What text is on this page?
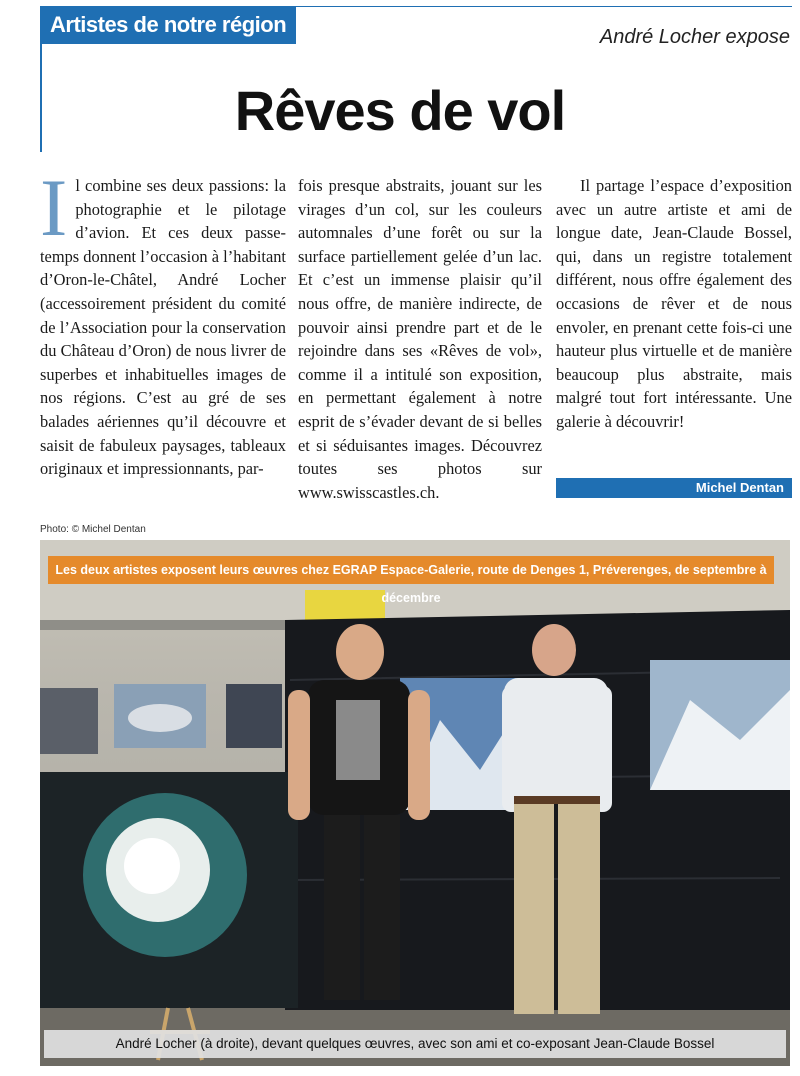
Artistes de notre région	André Locher expose
Rêves de vol
Il combine ses deux passions: la photographie et le pilotage d’avion. Et ces deux passe-temps donnent l’occasion à l’habitant d’Oron-le-Châtel, André Locher (accessoirement président du comité de l’Association pour la conservation du Château d’Oron) de nous livrer de superbes et inhabituelles images de nos régions. C’est au gré de ses balades aériennes qu’il découvre et saisit de fabuleux paysages, tableaux originaux et impressionnants, par-
fois presque abstraits, jouant sur les virages d’un col, sur les couleurs automnales d’une forêt ou sur la surface partiellement gelée d’un lac. Et c’est un immense plaisir qu’il nous offre, de manière indirecte, de pouvoir ainsi prendre part et de le rejoindre dans ses «Rêves de vol», comme il a intitulé son exposition, en permettant également à notre esprit de s’évader devant de si belles et si séduisantes images. Découvrez toutes ses photos sur www.swisscastles.ch.
Il partage l’espace d’exposition avec un autre artiste et ami de longue date, Jean-Claude Bossel, qui, dans un registre totalement différent, nous offre également des occasions de rêver et de nous envoler, en prenant cette fois-ci une hauteur plus virtuelle et de manière beaucoup plus abstraite, mais malgré tout fort intéressante. Une galerie à découvrir!
Michel Dentan
Photo: © Michel Dentan
Les deux artistes exposent leurs œuvres chez EGRAP Espace-Galerie, route de Denges 1, Préverenges, de septembre à décembre
André Locher (à droite), devant quelques œuvres, avec son ami et co-exposant Jean-Claude Bossel
